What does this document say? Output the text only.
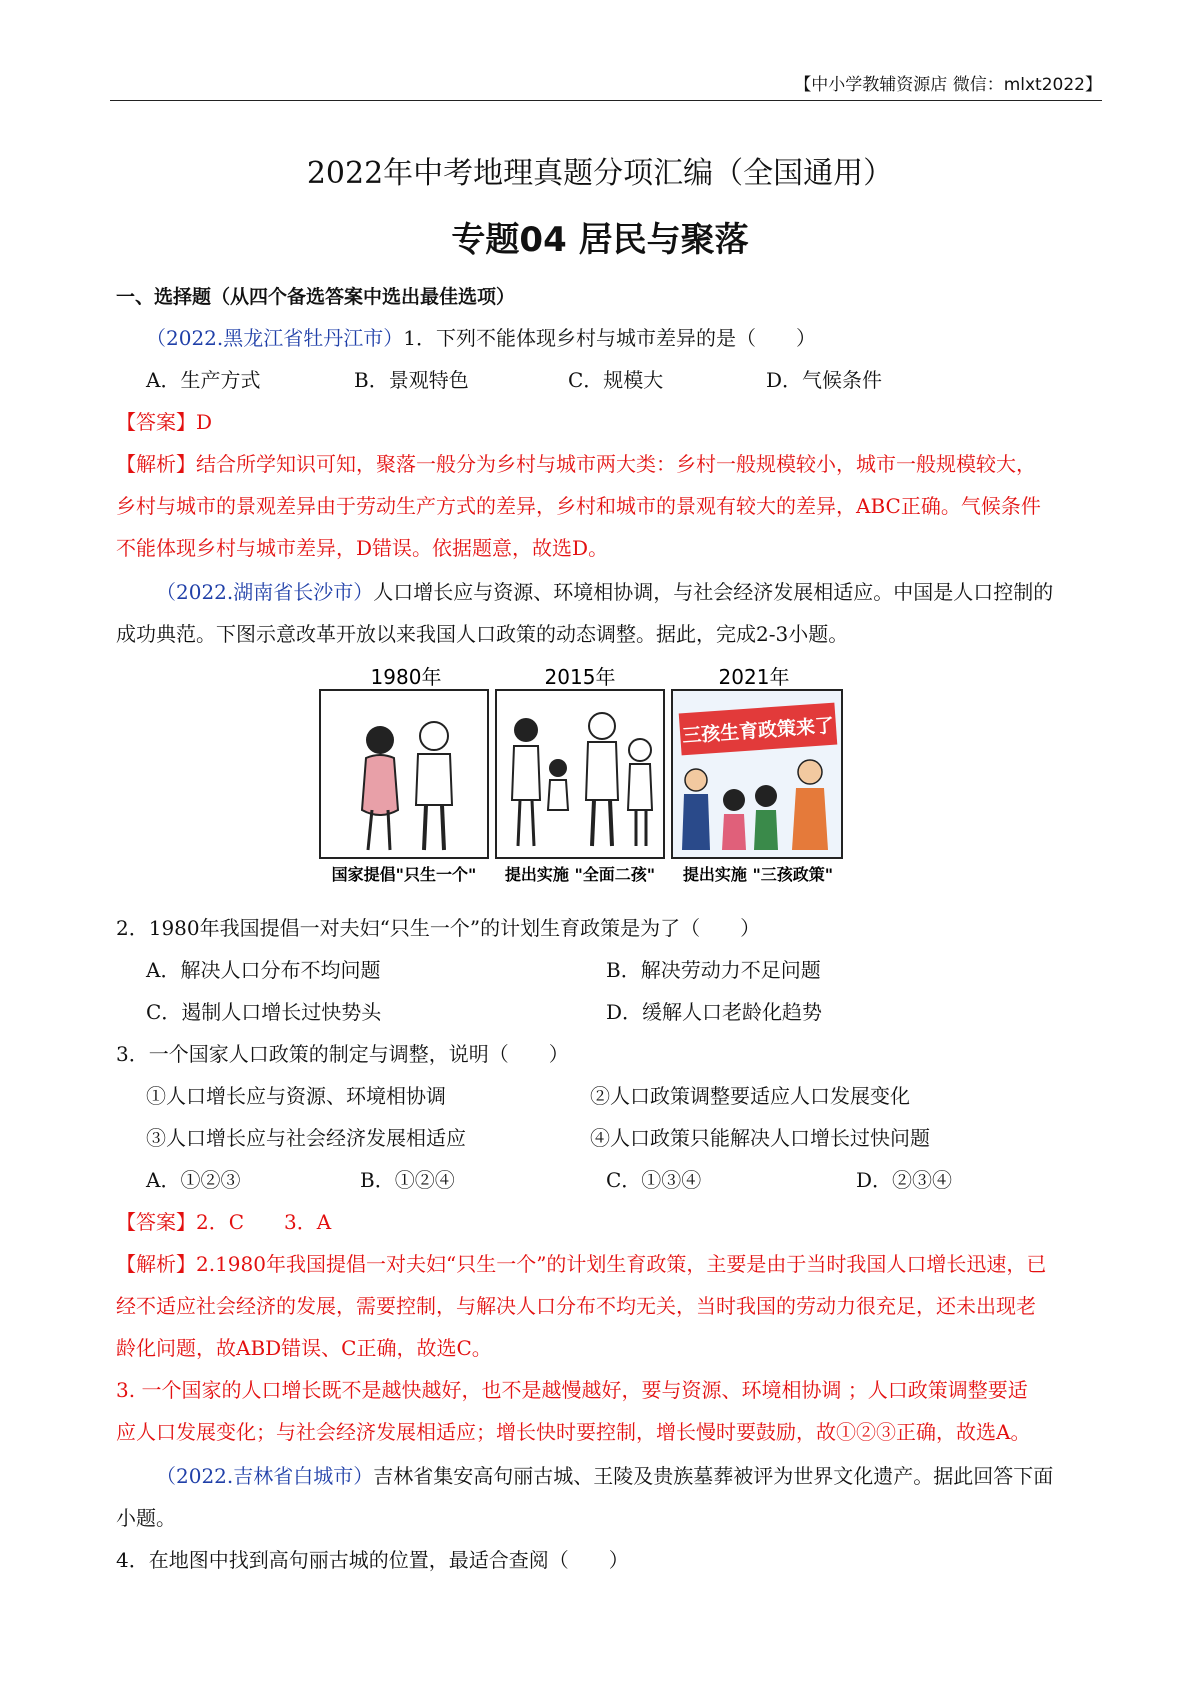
【中小学教辅资源店 微信：mlxt2022】
2022年中考地理真题分项汇编（全国通用）
专题04 居民与聚落
一、选择题（从四个备选答案中选出最佳选项）
（2022.黑龙江省牡丹江市）1．下列不能体现乡村与城市差异的是（　　）
A．生产方式	B．景观特色	C．规模大	D．气候条件
【答案】D
【解析】结合所学知识可知，聚落一般分为乡村与城市两大类：乡村一般规模较小，城市一般规模较大，
乡村与城市的景观差异由于劳动生产方式的差异，乡村和城市的景观有较大的差异，ABC正确。气候条件
不能体现乡村与城市差异，D错误。依据题意，故选D。
（2022.湖南省长沙市）人口增长应与资源、环境相协调，与社会经济发展相适应。中国是人口控制的
成功典范。下图示意改革开放以来我国人口政策的动态调整。据此，完成2-3小题。
1980年
国家提倡"只生一个"
2015年
提出实施 "全面二孩"
2021年
三孩生育政策来了
提出实施 "三孩政策"
2．1980年我国提倡一对夫妇“只生一个”的计划生育政策是为了（　　）
A．解决人口分布不均问题	B．解决劳动力不足问题
C．遏制人口增长过快势头	D．缓解人口老龄化趋势
3．一个国家人口政策的制定与调整，说明（　　）
①人口增长应与资源、环境相协调	②人口政策调整要适应人口发展变化
③人口增长应与社会经济发展相适应	④人口政策只能解决人口增长过快问题
A．①②③	B．①②④	C．①③④	D．②③④
【答案】2．C　　3．A
【解析】2.1980年我国提倡一对夫妇“只生一个”的计划生育政策，主要是由于当时我国人口增长迅速，已
经不适应社会经济的发展，需要控制，与解决人口分布不均无关，当时我国的劳动力很充足，还未出现老
龄化问题，故ABD错误、C正确，故选C。
3. 一个国家的人口增长既不是越快越好，也不是越慢越好，要与资源、环境相协调 ；人口政策调整要适
应人口发展变化；与社会经济发展相适应；增长快时要控制，增长慢时要鼓励，故①②③正确，故选A。
（2022.吉林省白城市）吉林省集安高句丽古城、王陵及贵族墓葬被评为世界文化遗产。据此回答下面
小题。
4．在地图中找到高句丽古城的位置，最适合查阅（　　）
